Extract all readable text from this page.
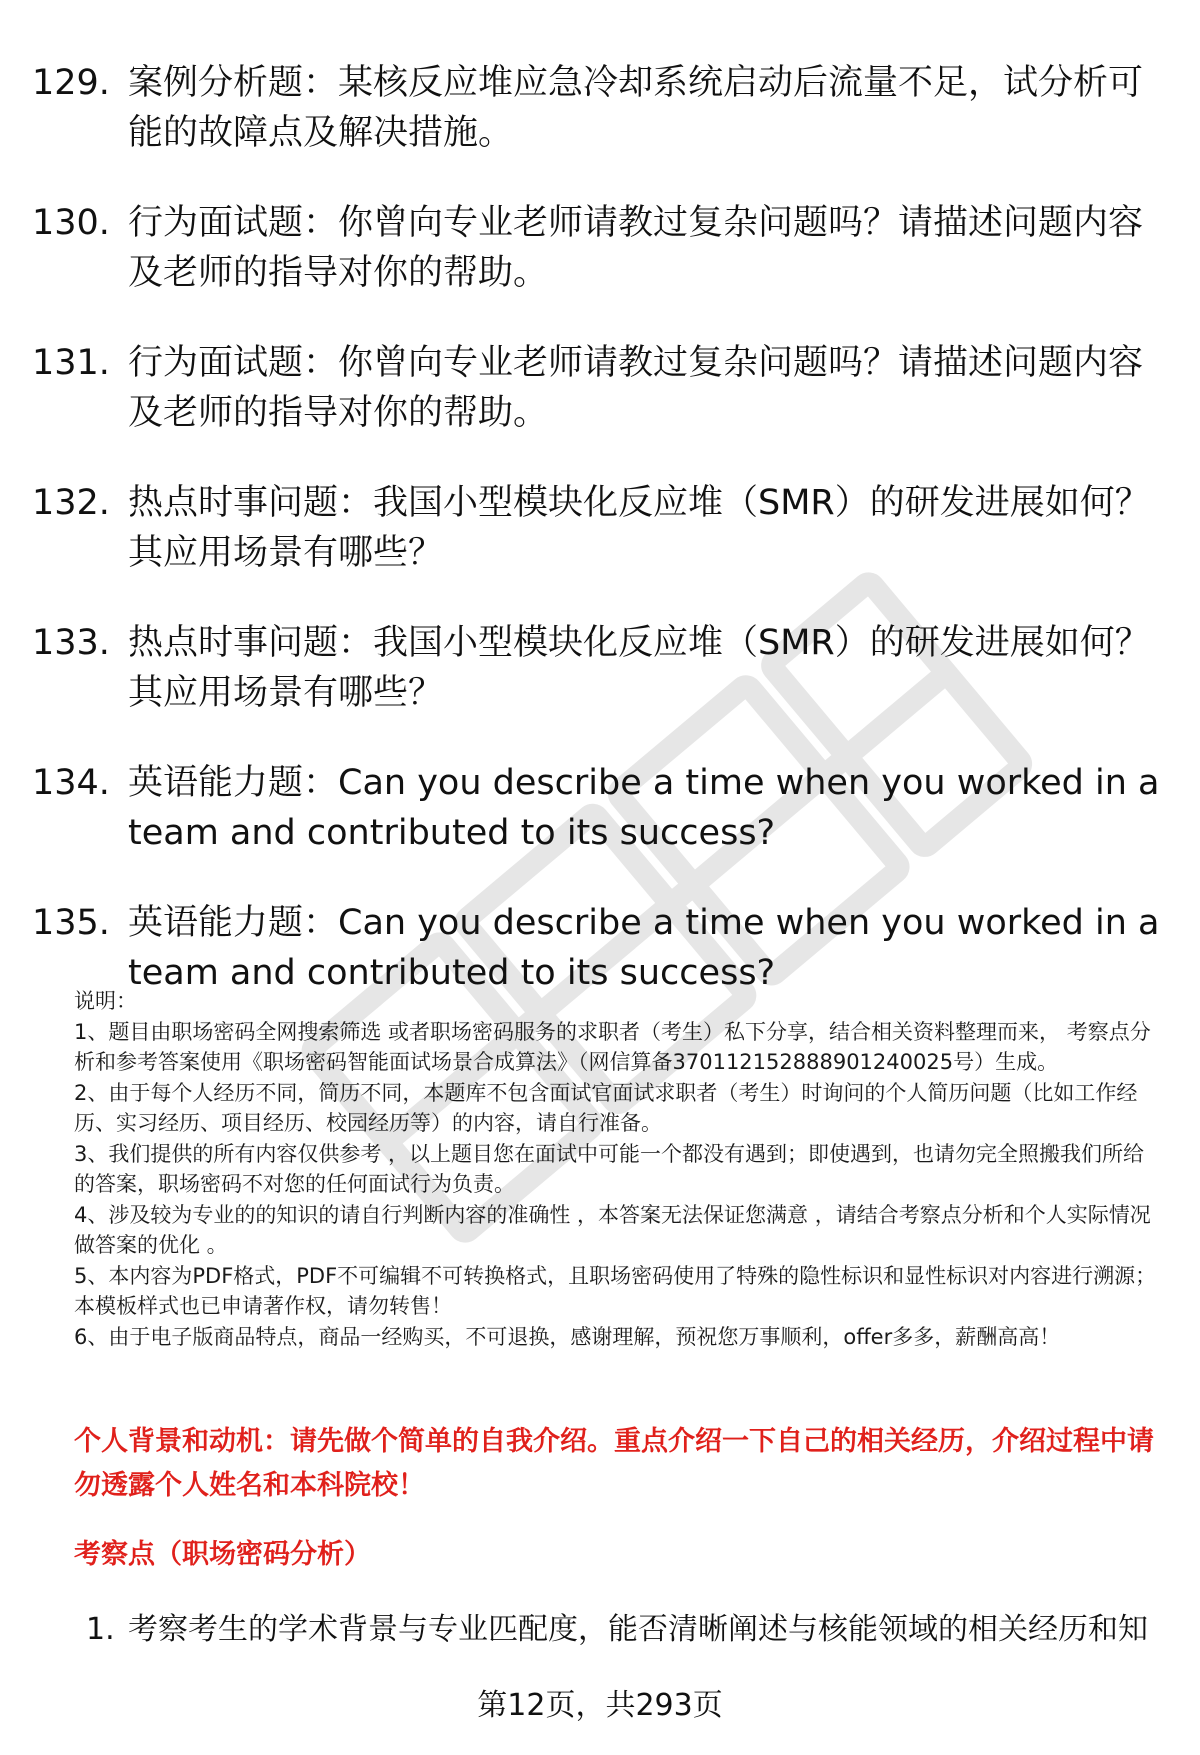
129. 案例分析题：某核反应堆应急冷却系统启动后流量不足，试分析可能的故障点及解决措施。
130. 行为面试题：你曾向专业老师请教过复杂问题吗？请描述问题内容及老师的指导对你的帮助。
131. 行为面试题：你曾向专业老师请教过复杂问题吗？请描述问题内容及老师的指导对你的帮助。
132. 热点时事问题：我国小型模块化反应堆（SMR）的研发进展如何？其应用场景有哪些？
133. 热点时事问题：我国小型模块化反应堆（SMR）的研发进展如何？其应用场景有哪些？
134. 英语能力题：Can you describe a time when you worked in a team and contributed to its success?
135. 英语能力题：Can you describe a time when you worked in a team and contributed to its success?

说明：

1、题目由职场密码全网搜索筛选 或者职场密码服务的求职者（考生）私下分享，结合相关资料整理而来， 考察点分析和参考答案使用《职场密码智能面试场景合成算法》（网信算备370112152888901240025号）生成。

2、由于每个人经历不同，简历不同，本题库不包含面试官面试求职者（考生）时询问的个人简历问题（比如工作经历、实习经历、项目经历、校园经历等）的内容，请自行准备。

3、我们提供的所有内容仅供参考 ，以上题目您在面试中可能一个都没有遇到；即使遇到，也请勿完全照搬我们所给的答案，职场密码不对您的任何面试行为负责。

4、涉及较为专业的的知识的请自行判断内容的准确性 ，本答案无法保证您满意 ，请结合考察点分析和个人实际情况做答案的优化 。

5、本内容为PDF格式，PDF不可编辑不可转换格式，且职场密码使用了特殊的隐性标识和显性标识对内容进行溯源；本模板样式也已申请著作权，请勿转售！

6、由于电子版商品特点，商品一经购买，不可退换，感谢理解，预祝您万事顺利，offer多多，薪酬高高！

个人背景和动机：请先做个简单的自我介绍。重点介绍一下自己的相关经历，介绍过程中请勿透露个人姓名和本科院校！
考察点（职场密码分析）
1. 考察考生的学术背景与专业匹配度，能否清晰阐述与核能领域的相关经历和知
第12页，共293页
